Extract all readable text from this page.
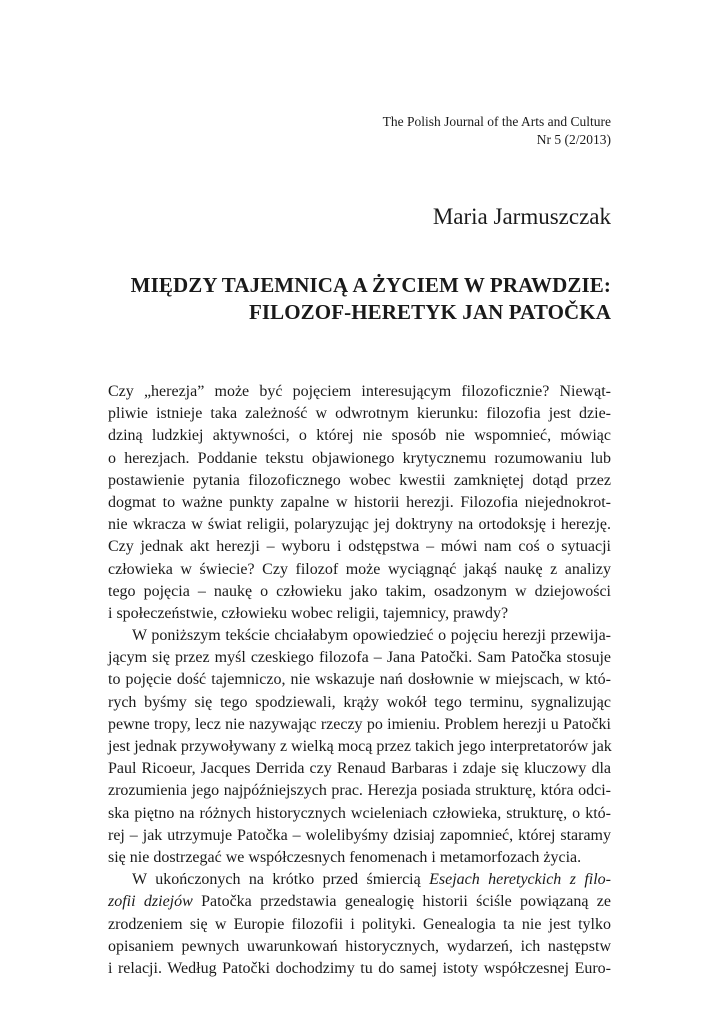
The Polish Journal of the Arts and Culture
Nr 5 (2/2013)
Maria Jarmuszczak
MIĘDZY TAJEMNICĄ A ŻYCIEM W PRAWDZIE:
FILOZOF-HERETYK JAN PATOČKA
Czy „herezja” może być pojęciem interesującym filozoficznie? Niewąt-
pliwie istnieje taka zależność w odwrotnym kierunku: filozofia jest dzie-
dziną ludzkiej aktywności, o której nie sposób nie wspomnieć, mówiąc
o herezjach. Poddanie tekstu objawionego krytycznemu rozumowaniu lub
postawienie pytania filozoficznego wobec kwestii zamkniętej dotąd przez
dogmat to ważne punkty zapalne w historii herezji. Filozofia niejednokrot-
nie wkracza w świat religii, polaryzując jej doktryny na ortodoksję i herezję.
Czy jednak akt herezji – wyboru i odstępstwa – mówi nam coś o sytuacji
człowieka w świecie? Czy filozof może wyciągnąć jakąś naukę z analizy
tego pojęcia – naukę o człowieku jako takim, osadzonym w dziejowości
i społeczeństwie, człowieku wobec religii, tajemnicy, prawdy?
W poniższym tekście chciałabym opowiedzieć o pojęciu herezji przewija-
jącym się przez myśl czeskiego filozofa – Jana Patočki. Sam Patočka stosuje
to pojęcie dość tajemniczo, nie wskazuje nań dosłownie w miejscach, w któ-
rych byśmy się tego spodziewali, krąży wokół tego terminu, sygnalizując
pewne tropy, lecz nie nazywając rzeczy po imieniu. Problem herezji u Patočki
jest jednak przywoływany z wielką mocą przez takich jego interpretatorów jak
Paul Ricoeur, Jacques Derrida czy Renaud Barbaras i zdaje się kluczowy dla
zrozumienia jego najpóźniejszych prac. Herezja posiada strukturę, która odci-
ska piętno na różnych historycznych wcieleniach człowieka, strukturę, o któ-
rej – jak utrzymuje Patočka – wolelibyśmy dzisiaj zapomnieć, której staramy
się nie dostrzegać we współczesnych fenomenach i metamorfozach życia.
W ukończonych na krótko przed śmiercią Esejach heretyckich z filo-
zofii dziejów Patočka przedstawia genealogię historii ściśle powiązaną ze
zrodzeniem się w Europie filozofii i polityki. Genealogia ta nie jest tylko
opisaniem pewnych uwarunkowań historycznych, wydarzeń, ich następstw
i relacji. Według Patočki dochodzimy tu do samej istoty współczesnej Euro-
